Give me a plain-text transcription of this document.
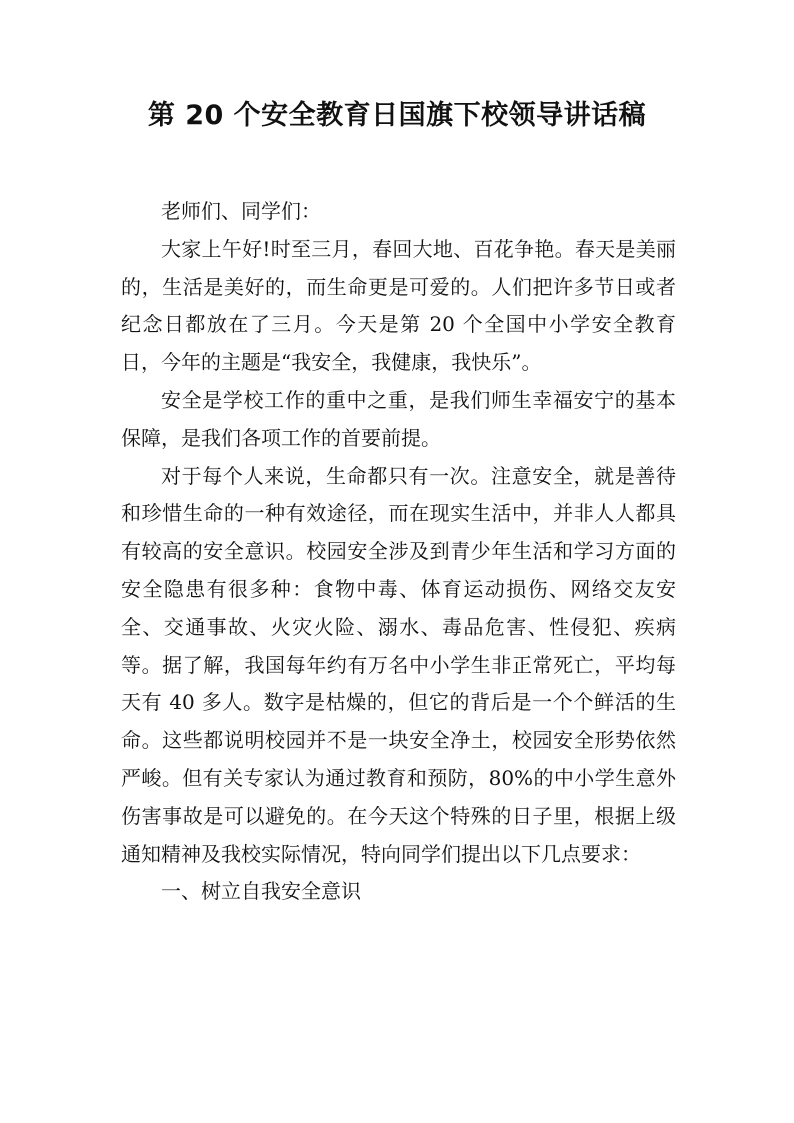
第 20 个安全教育日国旗下校领导讲话稿

老师们、同学们：

大家上午好!时至三月，春回大地、百花争艳。春天是美丽的，生活是美好的，而生命更是可爱的。人们把许多节日或者纪念日都放在了三月。今天是第 20 个全国中小学安全教育日，今年的主题是“我安全，我健康，我快乐”。

安全是学校工作的重中之重，是我们师生幸福安宁的基本保障，是我们各项工作的首要前提。

对于每个人来说，生命都只有一次。注意安全，就是善待和珍惜生命的一种有效途径，而在现实生活中，并非人人都具有较高的安全意识。校园安全涉及到青少年生活和学习方面的安全隐患有很多种：食物中毒、体育运动损伤、网络交友安全、交通事故、火灾火险、溺水、毒品危害、性侵犯、疾病等。据了解，我国每年约有万名中小学生非正常死亡，平均每天有 40 多人。数字是枯燥的，但它的背后是一个个鲜活的生命。这些都说明校园并不是一块安全净土，校园安全形势依然严峻。但有关专家认为通过教育和预防，80%的中小学生意外伤害事故是可以避免的。在今天这个特殊的日子里，根据上级通知精神及我校实际情况，特向同学们提出以下几点要求：

一、树立自我安全意识
